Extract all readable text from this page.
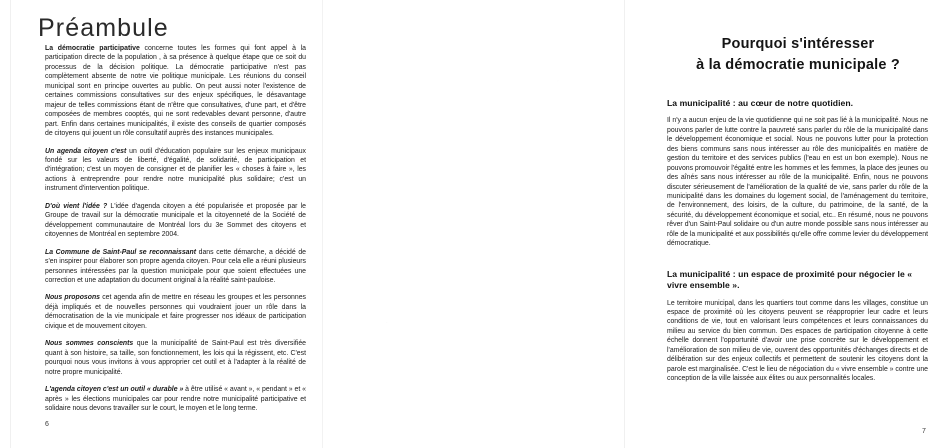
Préambule

La démocratie participative concerne toutes les formes qui font appel à la participation directe de la population , à sa présence à quelque étape que ce soit du processus de la décision politique. La démocratie participative n'est pas complètement absente de notre vie politique municipale. Les réunions du conseil municipal sont en principe ouvertes au public. On peut aussi noter l'existence de certaines commissions consultatives sur des enjeux spécifiques, le désavantage majeur de telles commissions étant de n'être que consultatives, d'une part, et d'être composées de membres cooptés, qui ne sont redevables devant personne, d'autre part. Enfin dans certaines municipalités, il existe des conseils de quartier composés de citoyens qui jouent un rôle consultatif auprès des instances municipales.

Un agenda citoyen c'est un outil d'éducation populaire sur les enjeux municipaux fondé sur les valeurs de liberté, d'égalité, de solidarité, de participation et d'intégration; c'est un moyen de consigner et de planifier les « choses à faire », les actions à entreprendre pour rendre notre municipalité plus solidaire; c'est un instrument d'intervention politique.

D'où vient l'idée ? L'idée d'agenda citoyen a été popularisée et proposée par le Groupe de travail sur la démocratie municipale et la citoyenneté de la Société de développement communautaire de Montréal lors du 3e Sommet des citoyens et citoyennes de Montréal en septembre 2004.

La Commune de Saint-Paul se reconnaissant dans cette démarche, a décidé de s'en inspirer pour élaborer son propre agenda citoyen. Pour cela elle a réuni plusieurs personnes intéressées par la question municipale pour que soient effectuées une correction et une adaptation du document original à la réalité saint-pauloise.

Nous proposons cet agenda afin de mettre en réseau les groupes et les personnes déjà impliqués et de nouvelles personnes qui voudraient jouer un rôle dans la démocratisation de la vie municipale et faire progresser nos idéaux de participation civique et de mouvement citoyen.

Nous sommes conscients que la municipalité de Saint-Paul est très diversifiée quant à son histoire, sa taille, son fonctionnement, les lois qui la régissent, etc. C'est pourquoi nous vous invitons à vous approprier cet outil et à l'adapter à la réalité de notre propre municipalité.

L'agenda citoyen c'est un outil « durable » à être utilisé « avant », « pendant » et « après » les élections municipales car pour rendre notre municipalité participative et solidaire nous devons travailler sur le court, le moyen et le long terme.

6
Pourquoi s'intéresser
à la démocratie municipale ?
La municipalité : au cœur de notre quotidien.

Il n'y a aucun enjeu de la vie quotidienne qui ne soit pas lié à la municipalité. Nous ne pouvons parler de lutte contre la pauvreté sans parler du rôle de la municipalité dans le développement économique et social. Nous ne pouvons lutter pour la protection des biens communs sans nous intéresser au rôle des municipalités en matière de gestion du territoire et des services publics (l'eau en est un bon exemple). Nous ne pouvons promouvoir l'égalité entre les hommes et les femmes, la place des jeunes ou des aînés sans nous intéresser au rôle de la municipalité. Enfin, nous ne pouvons discuter sérieusement de l'amélioration de la qualité de vie, sans parler du rôle de la municipalité dans les domaines du logement social, de l'aménagement du territoire, de l'environnement, des loisirs, de la culture, du patrimoine, de la santé, de la sécurité, du développement économique et social, etc.. En résumé, nous ne pouvons rêver d'un Saint-Paul solidaire ou d'un autre monde possible sans nous intéresser au rôle de la municipalité et aux possibilités qu'elle offre comme levier du développement démocratique.

La municipalité : un espace de proximité pour négocier le « vivre ensemble ».

Le territoire municipal, dans les quartiers tout comme dans les villages, constitue un espace de proximité où les citoyens peuvent se réapproprier leur cadre et leurs conditions de vie, tout en valorisant leurs compétences et leurs connaissances du milieu au service du bien commun. Des espaces de participation citoyenne à cette échelle donnent l'opportunité d'avoir une prise concrète sur le développement et l'amélioration de son milieu de vie, ouvrent des opportunités d'échanges directs et de délibération sur des enjeux collectifs et permettent de soutenir les citoyens dont la parole est marginalisée. C'est le lieu de négociation du « vivre ensemble » contre une conception de la ville laissée aux élites ou aux personnalités locales.

7
